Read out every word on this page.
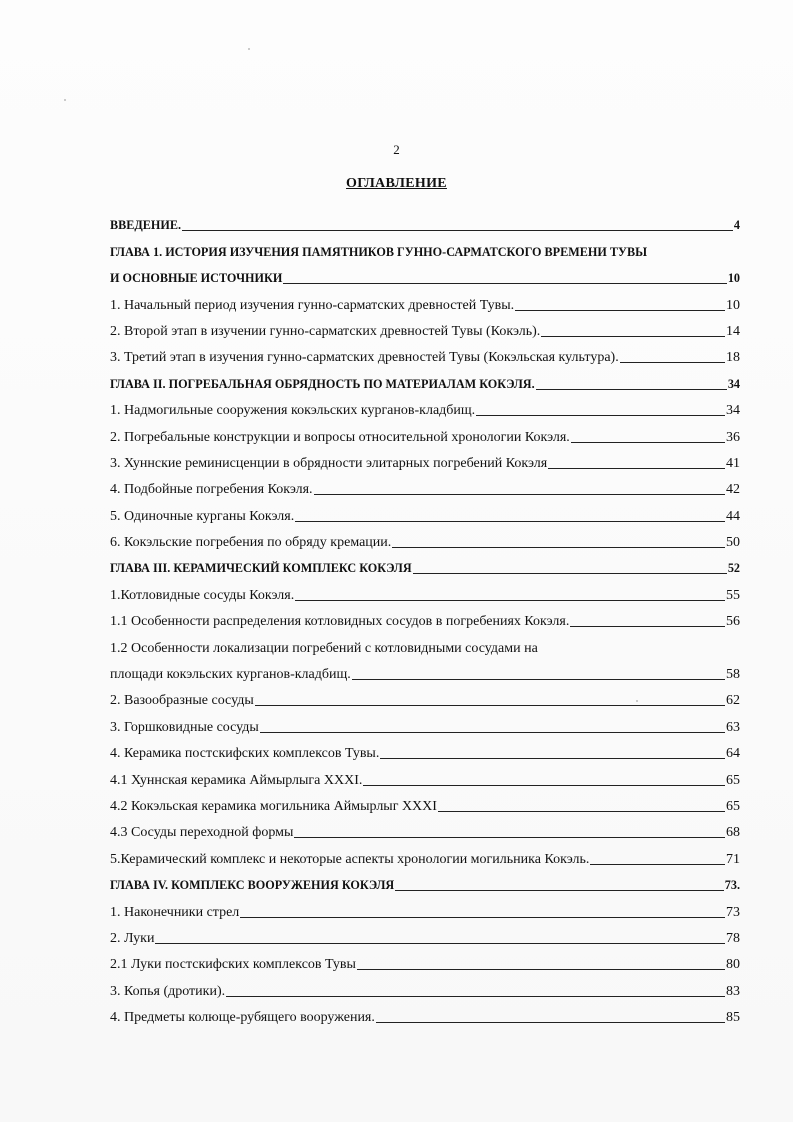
2
ОГЛАВЛЕНИЕ
ВВЕДЕНИЕ.	4
ГЛАВА 1. ИСТОРИЯ ИЗУЧЕНИЯ ПАМЯТНИКОВ ГУННО-САРМАТСКОГО ВРЕМЕНИ ТУВЫ
И ОСНОВНЫЕ ИСТОЧНИКИ	10
1. Начальный период изучения гунно-сарматских древностей Тувы.	10
2. Второй этап в изучении гунно-сарматских древностей Тувы (Кокэль).	14
3. Третий этап в изучения гунно-сарматских древностей Тувы (Кокэльская культура).	18
ГЛАВА II. ПОГРЕБАЛЬНАЯ ОБРЯДНОСТЬ ПО МАТЕРИАЛАМ КОКЭЛЯ.	34
1. Надмогильные сооружения кокэльских курганов-кладбищ.	34
2. Погребальные конструкции и вопросы относительной хронологии Кокэля.	36
3. Хуннские реминисценции в обрядности элитарных погребений Кокэля	41
4. Подбойные погребения Кокэля.	42
5. Одиночные курганы Кокэля.	44
6. Кокэльские погребения по обряду кремации.	50
ГЛАВА III. КЕРАМИЧЕСКИЙ КОМПЛЕКС КОКЭЛЯ	52
1.Котловидные сосуды Кокэля.	55
1.1 Особенности распределения котловидных сосудов в погребениях Кокэля.	56
1.2 Особенности локализации погребений с котловидными сосудами на
площади кокэльских курганов-кладбищ.	58
2. Вазообразные сосуды	62
3. Горшковидные сосуды	63
4. Керамика постскифских комплексов Тувы.	64
4.1 Хуннская керамика Аймырлыга XXXI.	65
4.2 Кокэльская керамика могильника Аймырлыг XXXI	65
4.3 Сосуды переходной формы	68
5.Керамический комплекс и некоторые аспекты хронологии могильника Кокэль.	71
ГЛАВА IV. КОМПЛЕКС ВООРУЖЕНИЯ КОКЭЛЯ	73.
1. Наконечники стрел	73
2. Луки	78
2.1 Луки постскифских комплексов Тувы	80
3. Копья (дротики).	83
4. Предметы колюще-рубящего вооружения.	85
